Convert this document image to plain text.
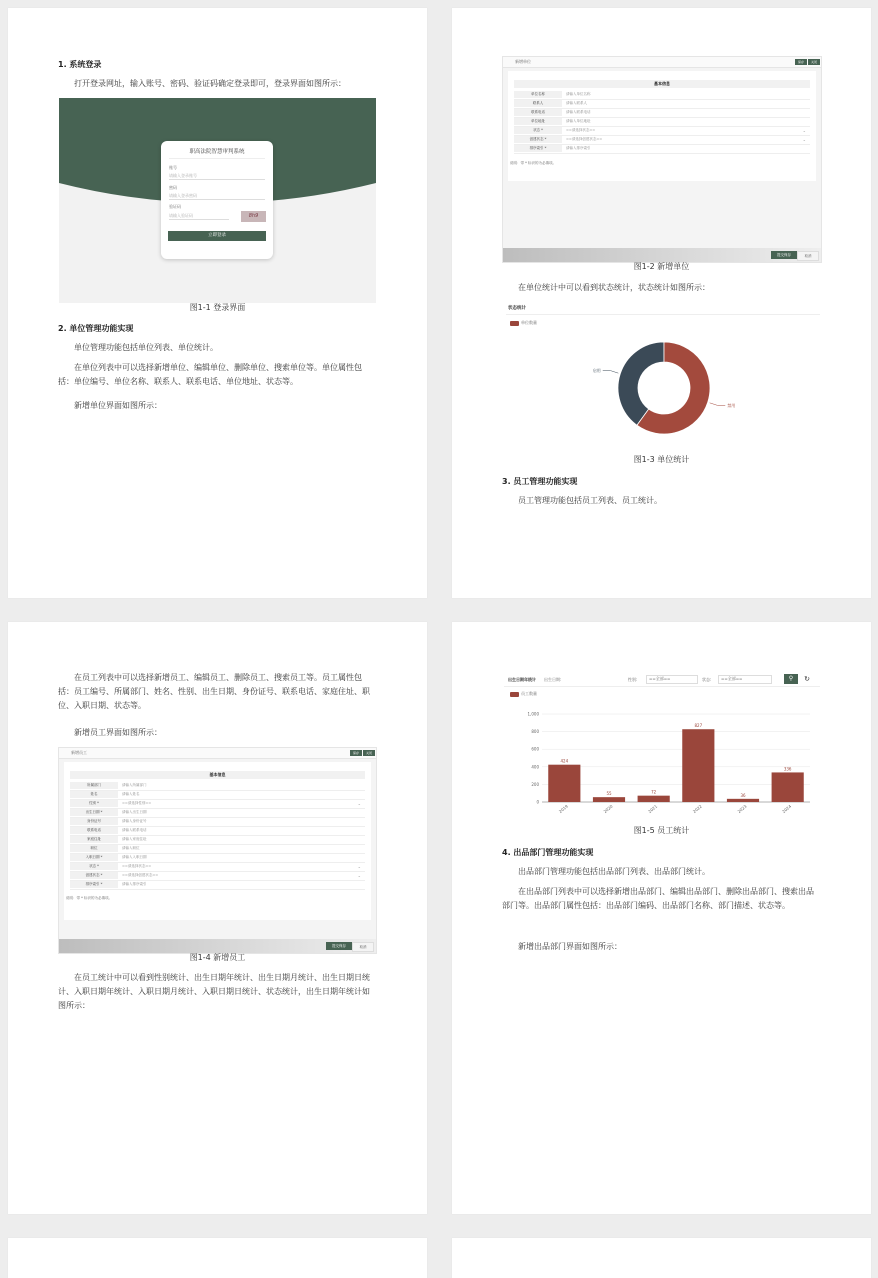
1. 系统登录
打开登录网址，输入账号、密码、验证码确定登录即可，登录界面如图所示：
职高法院智慧审判系统
账号
请输入登录账号
密码
请输入登录密码
验证码
请输入验证码	8h9
立即登录
图1-1 登录界面
2. 单位管理功能实现
单位管理功能包括单位列表、单位统计。
在单位列表中可以选择新增单位、编辑单位、删除单位、搜索单位等。单位属性包括：单位编号、单位名称、联系人、联系电话、单位地址、状态等。
新增单位界面如图所示：
新增单位	保存	关闭
基本信息
单位名称	请输入单位名称
联系人	请输入联系人
联系电话	请输入联系电话
单位地址	请输入单位地址
状态 *	==请选择状态==	⌄
创建状态 *	==请选择创建状态==	⌄
排序索引 *	请输入排序索引
说明：带 * 标识的为必填项。
提交保存	取消
图1-2 新增单位
在单位统计中可以看到状态统计，状态统计如图所示：
状态统计
单位数量
启用
禁用
图1-3 单位统计
3. 员工管理功能实现
员工管理功能包括员工列表、员工统计。
在员工列表中可以选择新增员工、编辑员工、删除员工、搜索员工等。员工属性包括：员工编号、所属部门、姓名、性别、出生日期、身份证号、联系电话、家庭住址、职位、入职日期、状态等。
新增员工界面如图所示：
新增员工	保存	关闭
基本信息
所属部门	请输入所属部门
姓名	请输入姓名
性别 *	==请选择性别==	⌄
出生日期 *	请输入出生日期
身份证号	请输入身份证号
联系电话	请输入联系电话
家庭住址	请输入家庭住址
职位	请输入职位
入职日期 *	请输入入职日期
状态 *	==请选择状态==	⌄
创建状态 *	==请选择创建状态==	⌄
排序索引 *	请输入排序索引
说明：带 * 标识的为必填项。
提交保存	取消
图1-4 新增员工
在员工统计中可以看到性别统计、出生日期年统计、出生日期月统计、出生日期日统计、入职日期年统计、入职日期月统计、入职日期日统计、状态统计，出生日期年统计如图所示：
出生日期年统计 出生日期:	性别:	==全部==	状态:	==全部==	⚲	↻
员工数量
0
200
400
600
800
1,000
424
2019
55
2020
72
2021
827
2022
36
2023
336
2024
图1-5 员工统计
4. 出品部门管理功能实现
出品部门管理功能包括出品部门列表、出品部门统计。
在出品部门列表中可以选择新增出品部门、编辑出品部门、删除出品部门、搜索出品部门等。出品部门属性包括：出品部门编码、出品部门名称、部门描述、状态等。
新增出品部门界面如图所示：
